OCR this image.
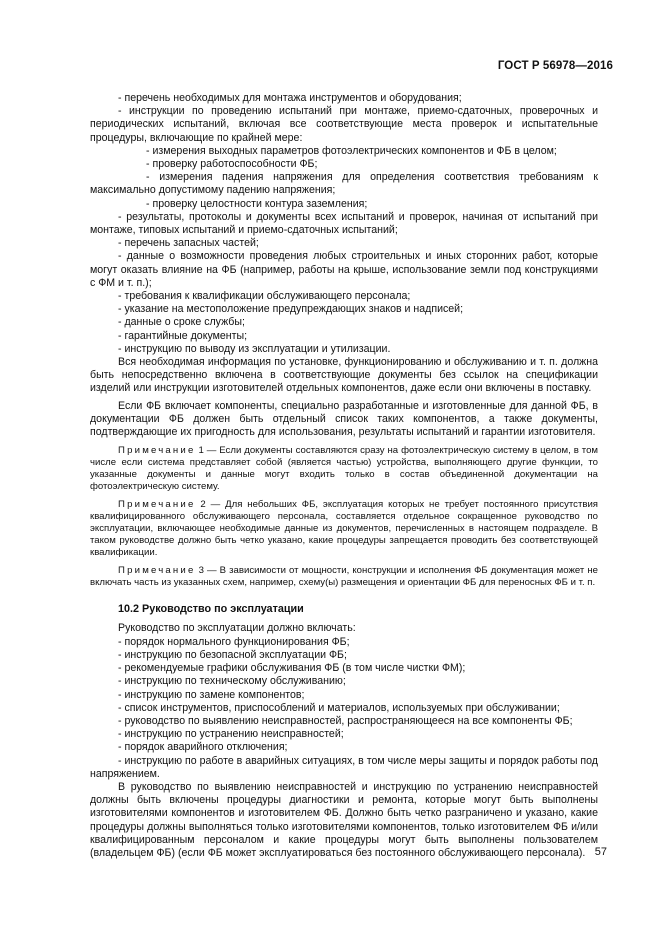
ГОСТ Р 56978—2016

- перечень необходимых для монтажа инструментов и оборудования;

- инструкции по проведению испытаний при монтаже, приемо-сдаточных, проверочных и периодических испытаний, включая все соответствующие места проверок и испытательные процедуры, включающие по крайней мере:

- измерения выходных параметров фотоэлектрических компонентов и ФБ в целом;

- проверку работоспособности ФБ;

- измерения падения напряжения для определения соответствия требованиям к максимально допустимому падению напряжения;

- проверку целостности контура заземления;

- результаты, протоколы и документы всех испытаний и проверок, начиная от испытаний при монтаже, типовых испытаний и приемо-сдаточных испытаний;

- перечень запасных частей;

- данные о возможности проведения любых строительных и иных сторонних работ, которые могут оказать влияние на ФБ (например, работы на крыше, использование земли под конструкциями с ФМ и т. п.);

- требования к квалификации обслуживающего персонала;

- указание на местоположение предупреждающих знаков и надписей;

- данные о сроке службы;

- гарантийные документы;

- инструкцию по выводу из эксплуатации и утилизации.

Вся необходимая информация по установке, функционированию и обслуживанию и т. п. должна быть непосредственно включена в соответствующие документы без ссылок на спецификации изделий или инструкции изготовителей отдельных компонентов, даже если они включены в поставку.

Если ФБ включает компоненты, специально разработанные и изготовленные для данной ФБ, в документации ФБ должен быть отдельный список таких компонентов, а также документы, подтверждающие их пригодность для использования, результаты испытаний и гарантии изготовителя.

Примечание 1 — Если документы составляются сразу на фотоэлектрическую систему в целом, в том числе если система представляет собой (является частью) устройства, выполняющего другие функции, то указанные документы и данные могут входить только в состав объединенной документации на фотоэлектрическую систему.

Примечание 2 — Для небольших ФБ, эксплуатация которых не требует постоянного присутствия квалифицированного обслуживающего персонала, составляется отдельное сокращенное руководство по эксплуатации, включающее необходимые данные из документов, перечисленных в настоящем подразделе. В таком руководстве должно быть четко указано, какие процедуры запрещается проводить без соответствующей квалификации.

Примечание 3 — В зависимости от мощности, конструкции и исполнения ФБ документация может не включать часть из указанных схем, например, схему(ы) размещения и ориентации ФБ для переносных ФБ и т. п.

10.2 Руководство по эксплуатации

Руководство по эксплуатации должно включать:

- порядок нормального функционирования ФБ;

- инструкцию по безопасной эксплуатации ФБ;

- рекомендуемые графики обслуживания ФБ (в том числе чистки ФМ);

- инструкцию по техническому обслуживанию;

- инструкцию по замене компонентов;

- список инструментов, приспособлений и материалов, используемых при обслуживании;

- руководство по выявлению неисправностей, распространяющееся на все компоненты ФБ;

- инструкцию по устранению неисправностей;

- порядок аварийного отключения;

- инструкцию по работе в аварийных ситуациях, в том числе меры защиты и порядок работы под напряжением.

В руководство по выявлению неисправностей и инструкцию по устранению неисправностей должны быть включены процедуры диагностики и ремонта, которые могут быть выполнены изготовителями компонентов и изготовителем ФБ. Должно быть четко разграничено и указано, какие процедуры должны выполняться только изготовителями компонентов, только изготовителем ФБ и/или квалифицированным персоналом и какие процедуры могут быть выполнены пользователем (владельцем ФБ) (если ФБ может эксплуатироваться без постоянного обслуживающего персонала). 57
